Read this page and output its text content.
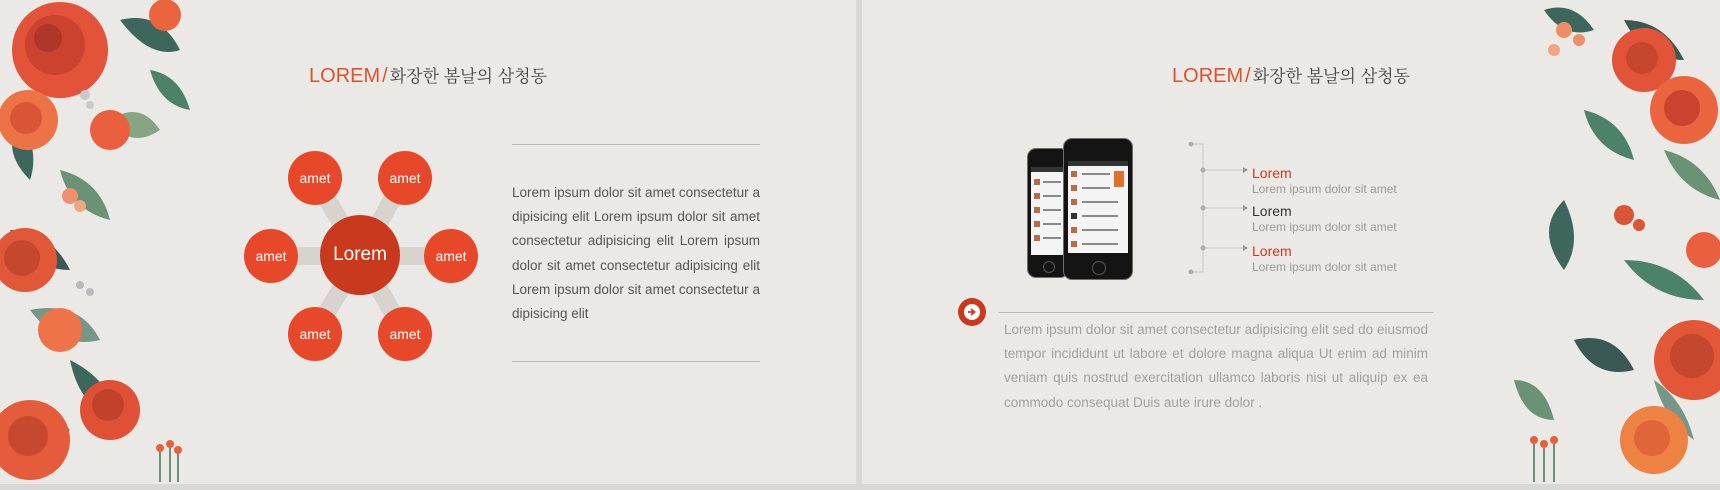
LOREM / 화장한 봄날의 삼청동
amet	amet
amet	amet
amet	amet
Lorem
Lorem ipsum dolor sit amet consectetur adipisicing elit Lorem ipsum dolor sit amet consectetur adipisicing elit Lorem ipsum dolor sit amet consectetur adipisicing elit Lorem ipsum dolor sit amet consectetur adipisicing elit
LOREM / 화장한 봄날의 삼청동
Lorem
Lorem ipsum dolor sit amet
Lorem
Lorem ipsum dolor sit amet
Lorem
Lorem ipsum dolor sit amet
Lorem ipsum dolor sit amet consectetur adipisicing elit sed do eiusmod tempor incididunt ut labore et dolore magna aliqua Ut enim ad minim veniam quis nostrud exercitation ullamco laboris nisi ut aliquip ex ea commodo consequat Duis aute irure dolor .
